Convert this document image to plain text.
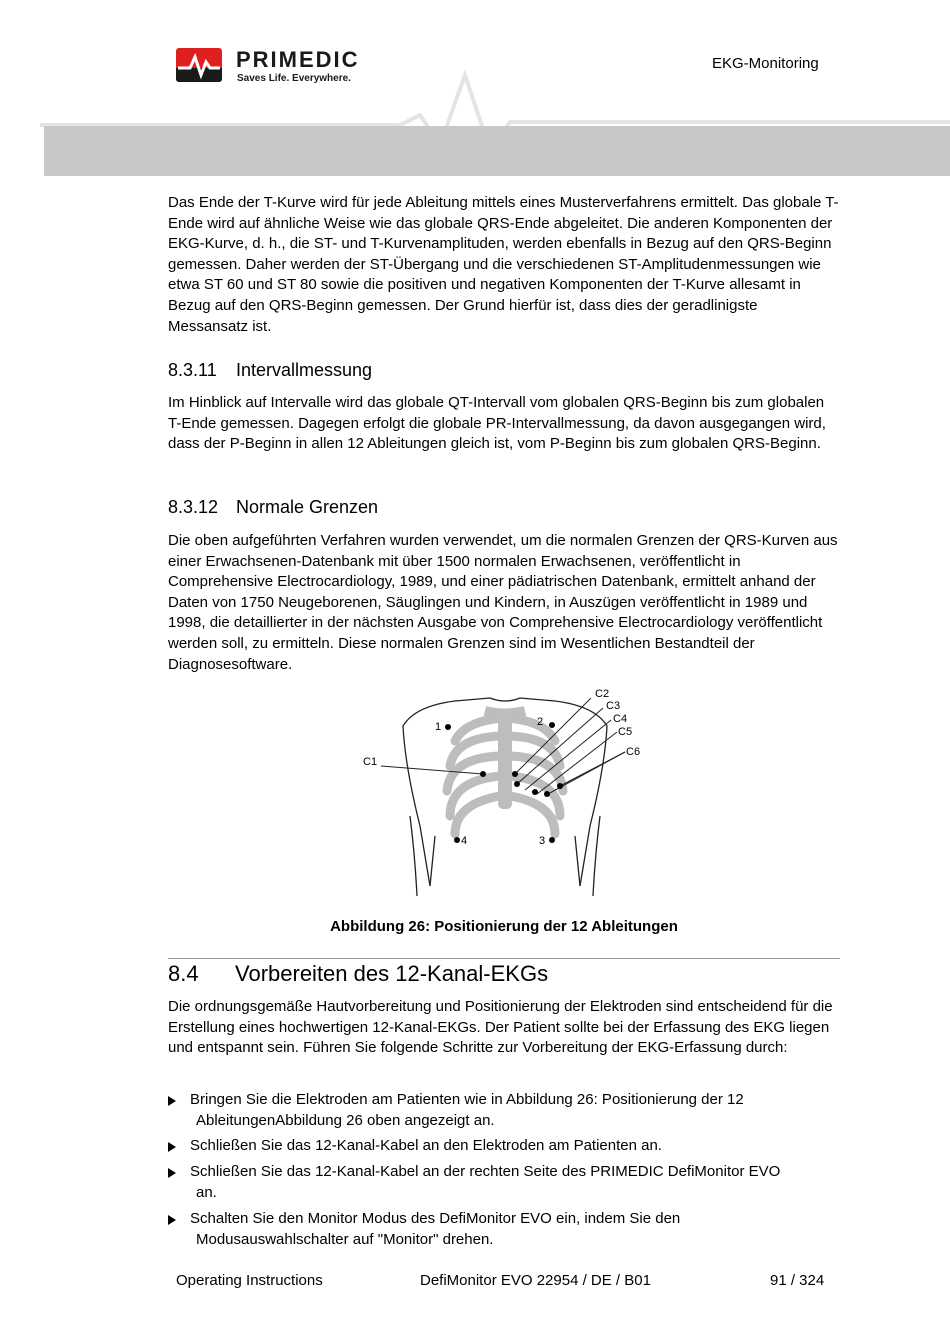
PRIMEDIC
Saves Life. Everywhere.
EKG-Monitoring

Das Ende der T-Kurve wird für jede Ableitung mittels eines Musterverfahrens ermittelt. Das globale T-Ende wird auf ähnliche Weise wie das globale QRS-Ende abgeleitet. Die anderen Komponenten der EKG-Kurve, d. h., die ST- und T-Kurvenamplituden, werden ebenfalls in Bezug auf den QRS-Beginn gemessen. Daher werden der ST-Übergang und die verschiedenen ST-Amplitudenmessungen wie etwa ST 60 und ST 80 sowie die positiven und negativen Komponenten der T-Kurve allesamt in Bezug auf den QRS-Beginn gemessen. Der Grund hierfür ist, dass dies der geradlinigste Messansatz ist.

8.3.11 Intervallmessung

Im Hinblick auf Intervalle wird das globale QT-Intervall vom globalen QRS-Beginn bis zum globalen T-Ende gemessen. Dagegen erfolgt die globale PR-Intervallmessung, da davon ausgegangen wird, dass der P-Beginn in allen 12 Ableitungen gleich ist, vom P-Beginn bis zum globalen QRS-Beginn.

8.3.12 Normale Grenzen

Die oben aufgeführten Verfahren wurden verwendet, um die normalen Grenzen der QRS-Kurven aus einer Erwachsenen-Datenbank mit über 1500 normalen Erwachsenen, veröffentlicht in Comprehensive Electrocardiology, 1989, und einer pädiatrischen Datenbank, ermittelt anhand der Daten von 1750 Neugeborenen, Säuglingen und Kindern, in Auszügen veröffentlicht in 1989 und 1998, die detaillierter in der nächsten Ausgabe von Comprehensive Electrocardiology veröffentlicht werden soll, zu ermitteln. Diese normalen Grenzen sind im Wesentlichen Bestandteil der Diagnosesoftware.

C1
C2
C3
C4
C5
C6
1	2
3
4
Abbildung 26: Positionierung der 12 Ableitungen
8.4 Vorbereiten des 12-Kanal-EKGs

Die ordnungsgemäße Hautvorbereitung und Positionierung der Elektroden sind entscheidend für die Erstellung eines hochwertigen 12-Kanal-EKGs. Der Patient sollte bei der Erfassung des EKG liegen und entspannt sein. Führen Sie folgende Schritte zur Vorbereitung der EKG-Erfassung durch:

Bringen Sie die Elektroden am Patienten wie in Abbildung 26: Positionierung der 12
AbleitungenAbbildung 26 oben angezeigt an.
Schließen Sie das 12-Kanal-Kabel an den Elektroden am Patienten an.
Schließen Sie das 12-Kanal-Kabel an der rechten Seite des PRIMEDIC DefiMonitor EVO
an.
Schalten Sie den Monitor Modus des DefiMonitor EVO ein, indem Sie den
Modusauswahlschalter auf "Monitor" drehen.
Operating Instructions	DefiMonitor EVO 22954 / DE / B01	91 / 324
